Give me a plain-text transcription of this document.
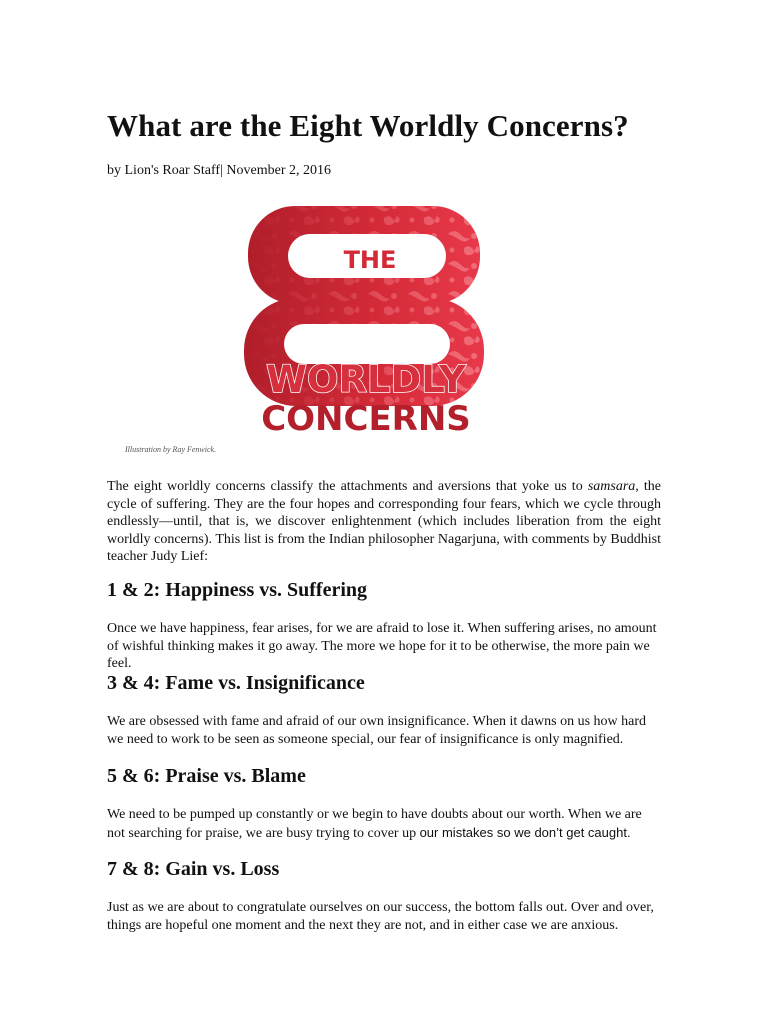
What are the Eight Worldly Concerns?
by Lion's Roar Staff| November 2, 2016
THE
WORLDLY
CONCERNS
Illustration by Ray Fenwick.

The eight worldly concerns classify the attachments and aversions that yoke us to samsara, the cycle of suffering. They are the four hopes and corresponding four fears, which we cycle through endlessly—until, that is, we discover enlightenment (which includes liberation from the eight worldly concerns). This list is from the Indian philosopher Nagarjuna, with comments by Buddhist teacher Judy Lief:

1 & 2: Happiness vs. Suffering

Once we have happiness, fear arises, for we are afraid to lose it. When suffering arises, no amount of wishful thinking makes it go away. The more we hope for it to be otherwise, the more pain we feel.

3 & 4: Fame vs. Insignificance

We are obsessed with fame and afraid of our own insignificance. When it dawns on us how hard we need to work to be seen as someone special, our fear of insignificance is only magnified.

5 & 6: Praise vs. Blame

We need to be pumped up constantly or we begin to have doubts about our worth. When we are not searching for praise, we are busy trying to cover up our mistakes so we don’t get caught.

7 & 8: Gain vs. Loss

Just as we are about to congratulate ourselves on our success, the bottom falls out. Over and over, things are hopeful one moment and the next they are not, and in either case we are anxious.
